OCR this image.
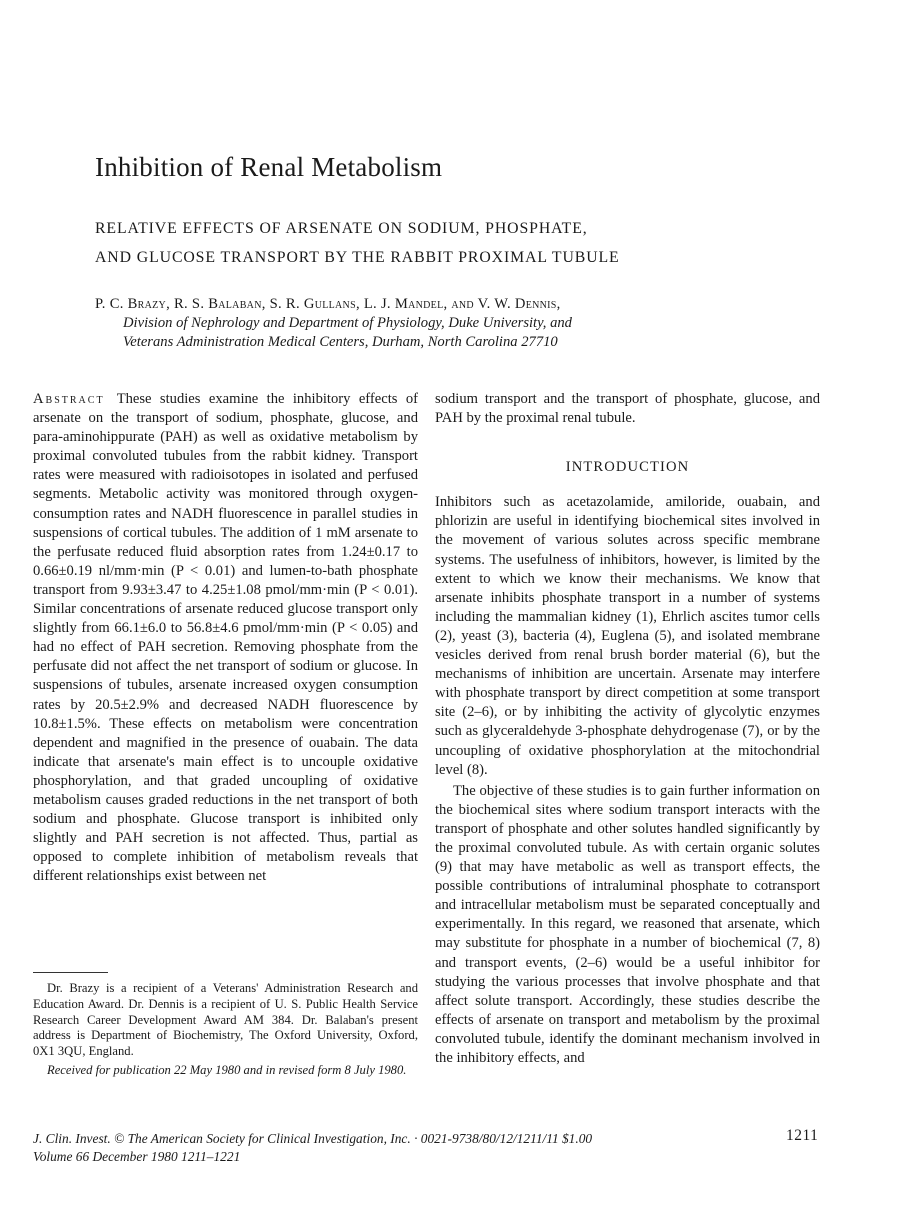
Inhibition of Renal Metabolism
RELATIVE EFFECTS OF ARSENATE ON SODIUM, PHOSPHATE,
AND GLUCOSE TRANSPORT BY THE RABBIT PROXIMAL TUBULE
P. C. Brazy, R. S. Balaban, S. R. Gullans, L. J. Mandel, and V. W. Dennis,
Division of Nephrology and Department of Physiology, Duke University, and
Veterans Administration Medical Centers, Durham, North Carolina 27710

Abstract These studies examine the inhibitory effects of arsenate on the transport of sodium, phosphate, glucose, and para-aminohippurate (PAH) as well as oxidative metabolism by proximal convoluted tubules from the rabbit kidney. Transport rates were measured with radioisotopes in isolated and perfused segments. Metabolic activity was monitored through oxygen-consumption rates and NADH fluorescence in parallel studies in suspensions of cortical tubules. The addition of 1 mM arsenate to the perfusate reduced fluid absorption rates from 1.24±0.17 to 0.66±0.19 nl/mm·min (P < 0.01) and lumen-to-bath phosphate transport from 9.93±3.47 to 4.25±1.08 pmol/mm·min (P < 0.01). Similar concentrations of arsenate reduced glucose transport only slightly from 66.1±6.0 to 56.8±4.6 pmol/mm·min (P < 0.05) and had no effect of PAH secretion. Removing phosphate from the perfusate did not affect the net transport of sodium or glucose. In suspensions of tubules, arsenate increased oxygen consumption rates by 20.5±2.9% and decreased NADH fluorescence by 10.8±1.5%. These effects on metabolism were concentration dependent and magnified in the presence of ouabain. The data indicate that arsenate's main effect is to uncouple oxidative phosphorylation, and that graded uncoupling of oxidative metabolism causes graded reductions in the net transport of both sodium and phosphate. Glucose transport is inhibited only slightly and PAH secretion is not affected. Thus, partial as opposed to complete inhibition of metabolism reveals that different relationships exist between net

sodium transport and the transport of phosphate, glucose, and PAH by the proximal renal tubule.

INTRODUCTION

Inhibitors such as acetazolamide, amiloride, ouabain, and phlorizin are useful in identifying biochemical sites involved in the movement of various solutes across specific membrane systems. The usefulness of inhibitors, however, is limited by the extent to which we know their mechanisms. We know that arsenate inhibits phosphate transport in a number of systems including the mammalian kidney (1), Ehrlich ascites tumor cells (2), yeast (3), bacteria (4), Euglena (5), and isolated membrane vesicles derived from renal brush border material (6), but the mechanisms of inhibition are uncertain. Arsenate may interfere with phosphate transport by direct competition at some transport site (2–6), or by inhibiting the activity of glycolytic enzymes such as glyceraldehyde 3-phosphate dehydrogenase (7), or by the uncoupling of oxidative phosphorylation at the mitochondrial level (8).

The objective of these studies is to gain further information on the biochemical sites where sodium transport interacts with the transport of phosphate and other solutes handled significantly by the proximal convoluted tubule. As with certain organic solutes (9) that may have metabolic as well as transport effects, the possible contributions of intraluminal phosphate to cotransport and intracellular metabolism must be separated conceptually and experimentally. In this regard, we reasoned that arsenate, which may substitute for phosphate in a number of biochemical (7, 8) and transport events, (2–6) would be a useful inhibitor for studying the various processes that involve phosphate and that affect solute transport. Accordingly, these studies describe the effects of arsenate on transport and metabolism by the proximal convoluted tubule, identify the dominant mechanism involved in the inhibitory effects, and

Dr. Brazy is a recipient of a Veterans' Administration Research and Education Award. Dr. Dennis is a recipient of U. S. Public Health Service Research Career Development Award AM 384. Dr. Balaban's present address is Department of Biochemistry, The Oxford University, Oxford, 0X1 3QU, England.

Received for publication 22 May 1980 and in revised form 8 July 1980.

J. Clin. Invest. © The American Society for Clinical Investigation, Inc. · 0021-9738/80/12/1211/11 $1.00
Volume 66 December 1980 1211–1221
1211
